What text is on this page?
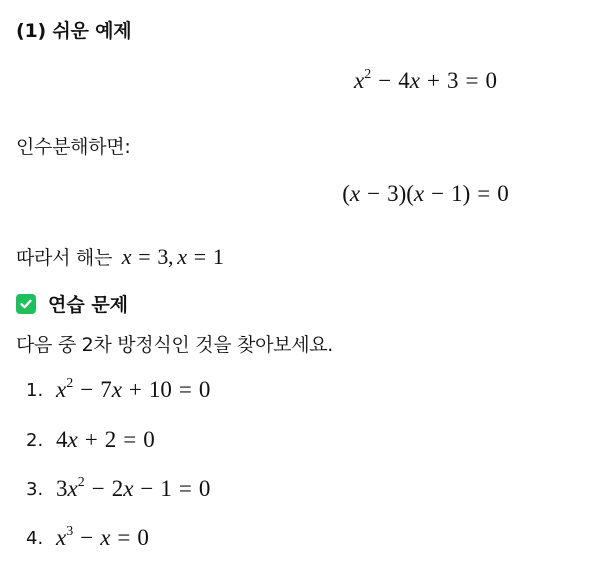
(1) 쉬운 예제
$x^2 - 4x + 3 = 0$
인수분해하면:
(x − 3)(x − 1) = 0
따라서 해는 x = 3, x = 1
연습 문제
다음 중 2차 방정식인 것을 찾아보세요.
1. $x^2 - 7x + 10 = 0$
2. 4x + 2 = 0
3. $3x^2 - 2x - 1 = 0$
4. $x^3 - x = 0$
